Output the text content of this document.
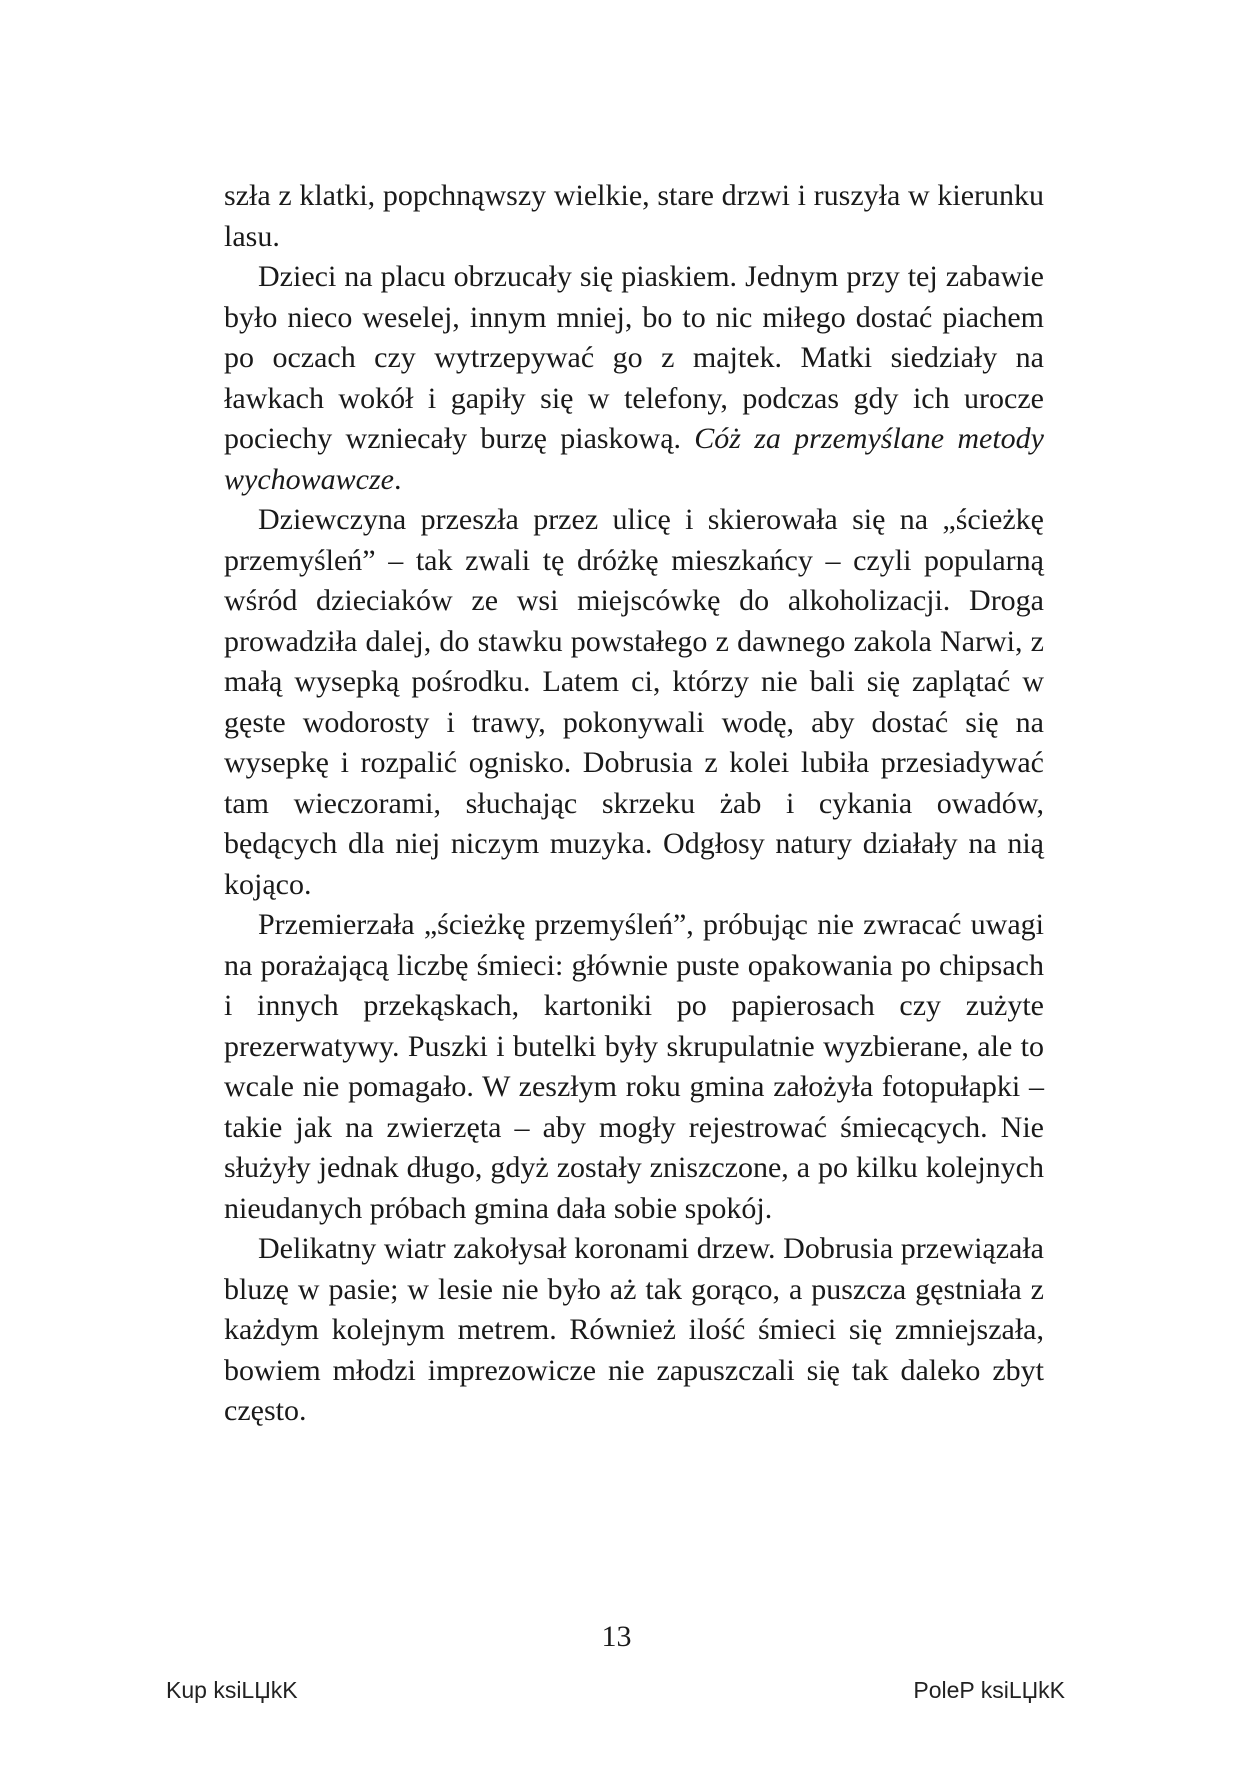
szła z klatki, popchnąwszy wielkie, stare drzwi i ruszyła w kierunku lasu.

Dzieci na placu obrzucały się piaskiem. Jednym przy tej zabawie było nieco weselej, innym mniej, bo to nic miłego dostać piachem po oczach czy wytrzepywać go z majtek. Matki siedziały na ławkach wokół i gapiły się w telefony, podczas gdy ich urocze pociechy wzniecały burzę piaskową. Cóż za przemyślane metody wychowawcze.

Dziewczyna przeszła przez ulicę i skierowała się na „ścieżkę przemyśleń” – tak zwali tę dróżkę mieszkańcy – czyli popularną wśród dzieciaków ze wsi miejscówkę do alkoholizacji. Droga prowadziła dalej, do stawku powstałego z dawnego zakola Narwi, z małą wysepką pośrodku. Latem ci, którzy nie bali się zaplątać w gęste wodorosty i trawy, pokonywali wodę, aby dostać się na wysepkę i rozpalić ognisko. Dobrusia z kolei lubiła przesiadywać tam wieczorami, słuchając skrzeku żab i cykania owadów, będących dla niej niczym muzyka. Odgłosy natury działały na nią kojąco.

Przemierzała „ścieżkę przemyśleń”, próbując nie zwracać uwagi na porażającą liczbę śmieci: głównie puste opakowania po chipsach i innych przekąskach, kartoniki po papierosach czy zużyte prezerwatywy. Puszki i butelki były skrupulatnie wyzbierane, ale to wcale nie pomagało. W zeszłym roku gmina założyła fotopułapki – takie jak na zwierzęta – aby mogły rejestrować śmiecących. Nie służyły jednak długo, gdyż zostały zniszczone, a po kilku kolejnych nieudanych próbach gmina dała sobie spokój.

Delikatny wiatr zakołysał koronami drzew. Dobrusia przewiązała bluzę w pasie; w lesie nie było aż tak gorąco, a puszcza gęstniała z każdym kolejnym metrem. Również ilość śmieci się zmniejszała, bowiem młodzi imprezowicze nie zapuszczali się tak daleko zbyt często.

13
Kup ksiLЏkK	PoleP ksiLЏkK
